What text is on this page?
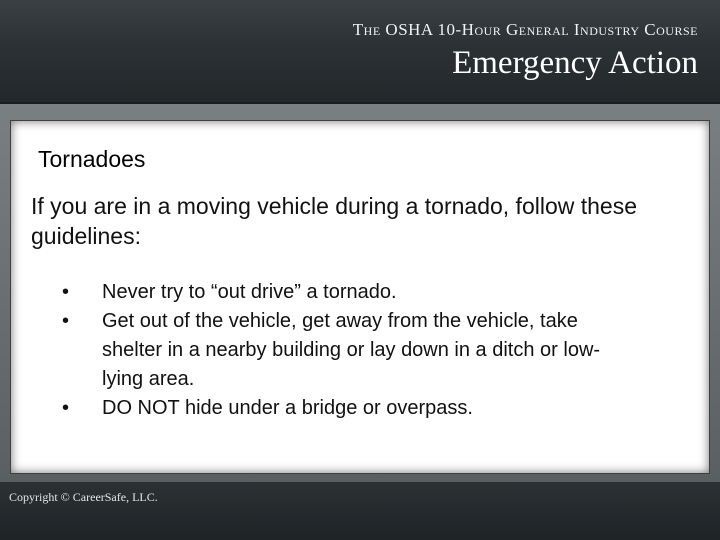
The OSHA 10-Hour General Industry Course
Emergency Action
Tornadoes
If you are in a moving vehicle during a tornado, follow these guidelines:
•	Never try to “out drive” a tornado.
•	Get out of the vehicle, get away from the vehicle, take shelter in a nearby building or lay down in a ditch or low-lying area.
•	DO NOT hide under a bridge or overpass.
Copyright © CareerSafe, LLC.
